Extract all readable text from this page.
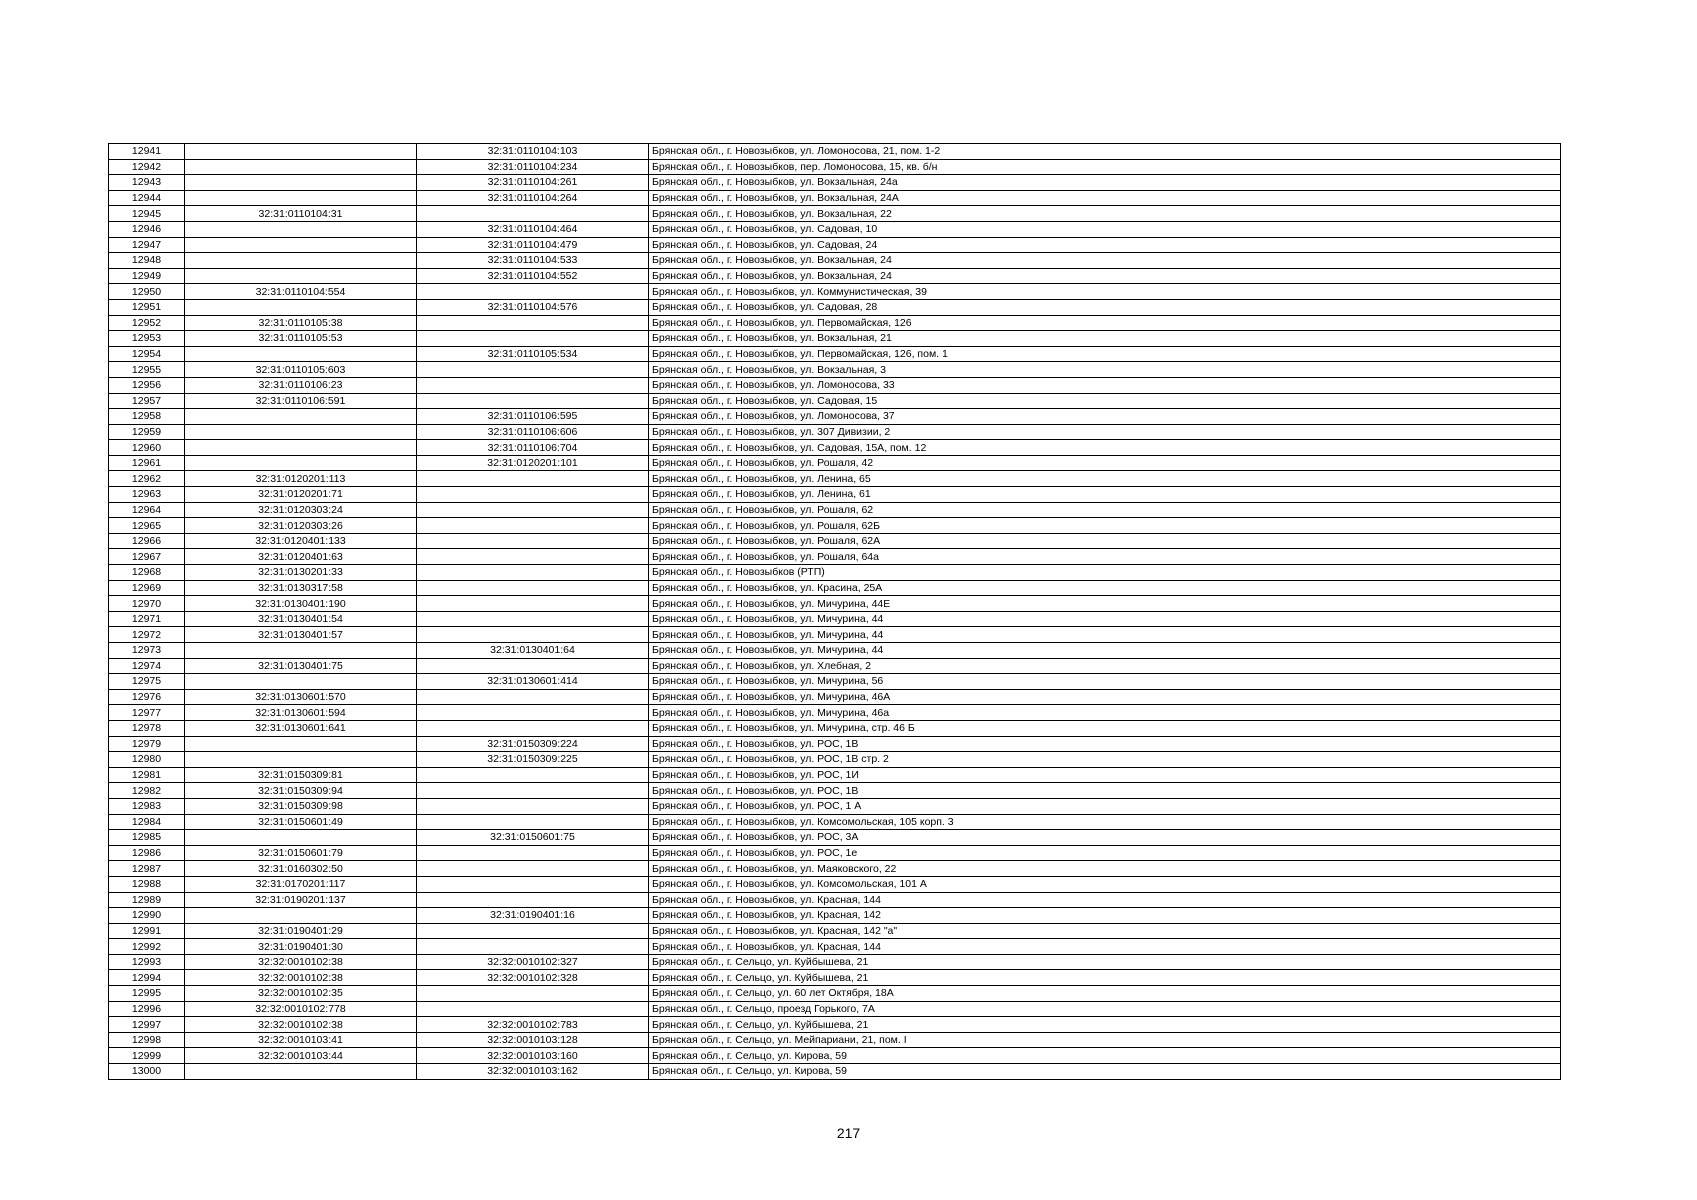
12941		32:31:0110104:103	Брянская обл., г. Новозыбков, ул. Ломоносова, 21, пом. 1-2
12942		32:31:0110104:234	Брянская обл., г. Новозыбков, пер. Ломоносова, 15, кв. б/н
12943		32:31:0110104:261	Брянская обл., г. Новозыбков, ул. Вокзальная, 24а
12944		32:31:0110104:264	Брянская обл., г. Новозыбков, ул. Вокзальная, 24А
12945	32:31:0110104:31		Брянская обл., г. Новозыбков, ул. Вокзальная, 22
12946		32:31:0110104:464	Брянская обл., г. Новозыбков, ул. Садовая, 10
12947		32:31:0110104:479	Брянская обл., г. Новозыбков, ул. Садовая, 24
12948		32:31:0110104:533	Брянская обл., г. Новозыбков, ул. Вокзальная, 24
12949		32:31:0110104:552	Брянская обл., г. Новозыбков, ул. Вокзальная, 24
12950	32:31:0110104:554		Брянская обл., г. Новозыбков, ул. Коммунистическая, 39
12951		32:31:0110104:576	Брянская обл., г. Новозыбков, ул. Садовая, 28
12952	32:31:0110105:38		Брянская обл., г. Новозыбков, ул. Первомайская, 126
12953	32:31:0110105:53		Брянская обл., г. Новозыбков, ул. Вокзальная, 21
12954		32:31:0110105:534	Брянская обл., г. Новозыбков, ул. Первомайская, 126, пом. 1
12955	32:31:0110105:603		Брянская обл., г. Новозыбков, ул. Вокзальная, 3
12956	32:31:0110106:23		Брянская обл., г. Новозыбков, ул. Ломоносова, 33
12957	32:31:0110106:591		Брянская обл., г. Новозыбков, ул. Садовая, 15
12958		32:31:0110106:595	Брянская обл., г. Новозыбков, ул. Ломоносова, 37
12959		32:31:0110106:606	Брянская обл., г. Новозыбков, ул. 307 Дивизии, 2
12960		32:31:0110106:704	Брянская обл., г. Новозыбков, ул. Садовая, 15А, пом. 12
12961		32:31:0120201:101	Брянская обл., г. Новозыбков, ул. Рошаля, 42
12962	32:31:0120201:113		Брянская обл., г. Новозыбков, ул. Ленина, 65
12963	32:31:0120201:71		Брянская обл., г. Новозыбков, ул. Ленина, 61
12964	32:31:0120303:24		Брянская обл., г. Новозыбков, ул. Рошаля, 62
12965	32:31:0120303:26		Брянская обл., г. Новозыбков, ул. Рошаля, 62Б
12966	32:31:0120401:133		Брянская обл., г. Новозыбков, ул. Рошаля, 62А
12967	32:31:0120401:63		Брянская обл., г. Новозыбков, ул. Рошаля, 64а
12968	32:31:0130201:33		Брянская обл., г. Новозыбков (РТП)
12969	32:31:0130317:58		Брянская обл., г. Новозыбков, ул. Красина, 25А
12970	32:31:0130401:190		Брянская обл., г. Новозыбков, ул. Мичурина, 44Е
12971	32:31:0130401:54		Брянская обл., г. Новозыбков, ул. Мичурина, 44
12972	32:31:0130401:57		Брянская обл., г. Новозыбков, ул. Мичурина, 44
12973		32:31:0130401:64	Брянская обл., г. Новозыбков, ул. Мичурина, 44
12974	32:31:0130401:75		Брянская обл., г. Новозыбков, ул. Хлебная, 2
12975		32:31:0130601:414	Брянская обл., г. Новозыбков, ул. Мичурина, 56
12976	32:31:0130601:570		Брянская обл., г. Новозыбков, ул. Мичурина, 46А
12977	32:31:0130601:594		Брянская обл., г. Новозыбков, ул. Мичурина, 46а
12978	32:31:0130601:641		Брянская обл., г. Новозыбков, ул. Мичурина, стр. 46 Б
12979		32:31:0150309:224	Брянская обл., г. Новозыбков, ул. РОС, 1В
12980		32:31:0150309:225	Брянская обл., г. Новозыбков, ул. РОС, 1В стр. 2
12981	32:31:0150309:81		Брянская обл., г. Новозыбков, ул. РОС, 1И
12982	32:31:0150309:94		Брянская обл., г. Новозыбков, ул. РОС, 1В
12983	32:31:0150309:98		Брянская обл., г. Новозыбков, ул. РОС, 1 А
12984	32:31:0150601:49		Брянская обл., г. Новозыбков, ул. Комсомольская, 105 корп. 3
12985		32:31:0150601:75	Брянская обл., г. Новозыбков, ул. РОС, 3А
12986	32:31:0150601:79		Брянская обл., г. Новозыбков, ул. РОС, 1е
12987	32:31:0160302:50		Брянская обл., г. Новозыбков, ул. Маяковского, 22
12988	32:31:0170201:117		Брянская обл., г. Новозыбков, ул. Комсомольская, 101 А
12989	32:31:0190201:137		Брянская обл., г. Новозыбков, ул. Красная, 144
12990		32:31:0190401:16	Брянская обл., г. Новозыбков, ул. Красная, 142
12991	32:31:0190401:29		Брянская обл., г. Новозыбков, ул. Красная, 142 "а"
12992	32:31:0190401:30		Брянская обл., г. Новозыбков, ул. Красная, 144
12993	32:32:0010102:38	32:32:0010102:327	Брянская обл., г. Сельцо, ул. Куйбышева, 21
12994	32:32:0010102:38	32:32:0010102:328	Брянская обл., г. Сельцо, ул. Куйбышева, 21
12995	32:32:0010102:35		Брянская обл., г. Сельцо, ул. 60 лет Октября, 18А
12996	32:32:0010102:778		Брянская обл., г. Сельцо, проезд Горького, 7А
12997	32:32:0010102:38	32:32:0010102:783	Брянская обл., г. Сельцо, ул. Куйбышева, 21
12998	32:32:0010103:41	32:32:0010103:128	Брянская обл., г. Сельцо, ул. Мейпариани, 21, пом. I
12999	32:32:0010103:44	32:32:0010103:160	Брянская обл., г. Сельцо, ул. Кирова, 59
13000		32:32:0010103:162	Брянская обл., г. Сельцо, ул. Кирова, 59
217
